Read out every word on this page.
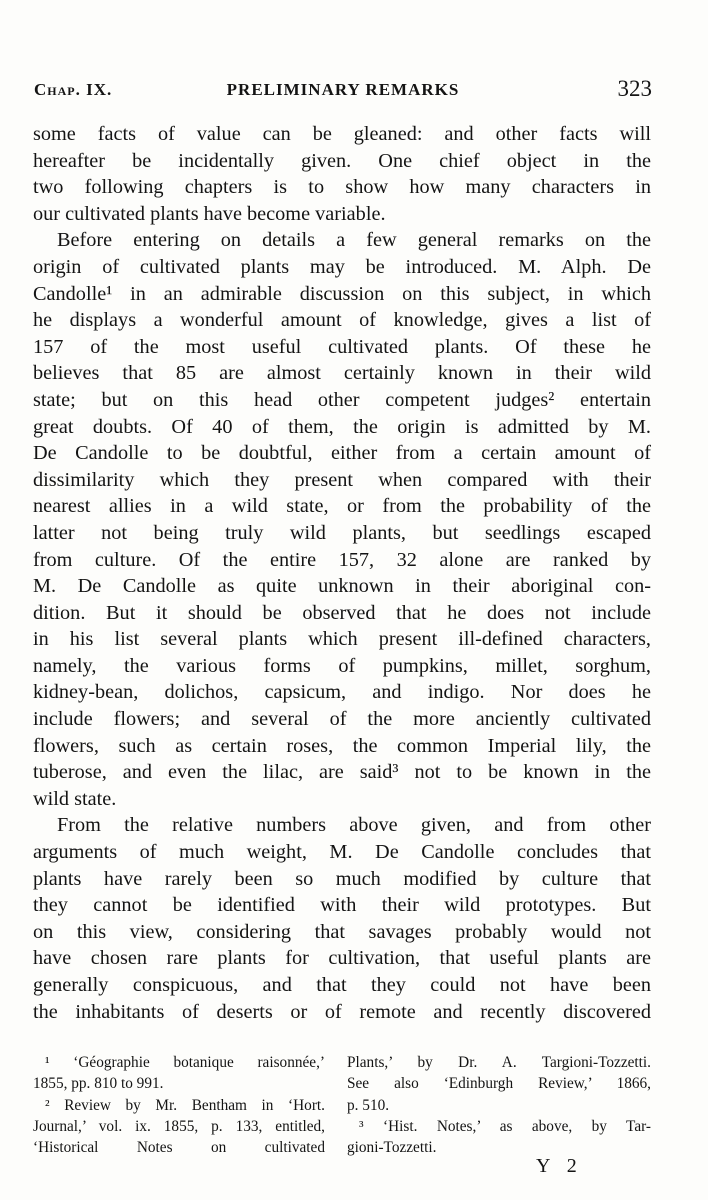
Chap. IX.	PRELIMINARY REMARKS	323
some facts of value can be gleaned: and other facts will
hereafter be incidentally given. One chief object in the
two following chapters is to show how many characters in
our cultivated plants have become variable.
Before entering on details a few general remarks on the
origin of cultivated plants may be introduced. M. Alph. De
Candolle¹ in an admirable discussion on this subject, in which
he displays a wonderful amount of knowledge, gives a list of
157 of the most useful cultivated plants. Of these he
believes that 85 are almost certainly known in their wild
state; but on this head other competent judges² entertain
great doubts. Of 40 of them, the origin is admitted by M.
De Candolle to be doubtful, either from a certain amount of
dissimilarity which they present when compared with their
nearest allies in a wild state, or from the probability of the
latter not being truly wild plants, but seedlings escaped
from culture. Of the entire 157, 32 alone are ranked by
M. De Candolle as quite unknown in their aboriginal con-
dition. But it should be observed that he does not include
in his list several plants which present ill-defined characters,
namely, the various forms of pumpkins, millet, sorghum,
kidney-bean, dolichos, capsicum, and indigo. Nor does he
include flowers; and several of the more anciently cultivated
flowers, such as certain roses, the common Imperial lily, the
tuberose, and even the lilac, are said³ not to be known in the
wild state.
From the relative numbers above given, and from other
arguments of much weight, M. De Candolle concludes that
plants have rarely been so much modified by culture that
they cannot be identified with their wild prototypes. But
on this view, considering that savages probably would not
have chosen rare plants for cultivation, that useful plants are
generally conspicuous, and that they could not have been
the inhabitants of deserts or of remote and recently discovered
¹ ‘Géographie botanique raisonnée,’
1855, pp. 810 to 991.
² Review by Mr. Bentham in ‘Hort.
Journal,’ vol. ix. 1855, p. 133, entitled,
‘Historical Notes on cultivated
Plants,’ by Dr. A. Targioni-Tozzetti.
See also ‘Edinburgh Review,’ 1866,
p. 510.
³ ‘Hist. Notes,’ as above, by Tar-
gioni-Tozzetti.
Y 2
